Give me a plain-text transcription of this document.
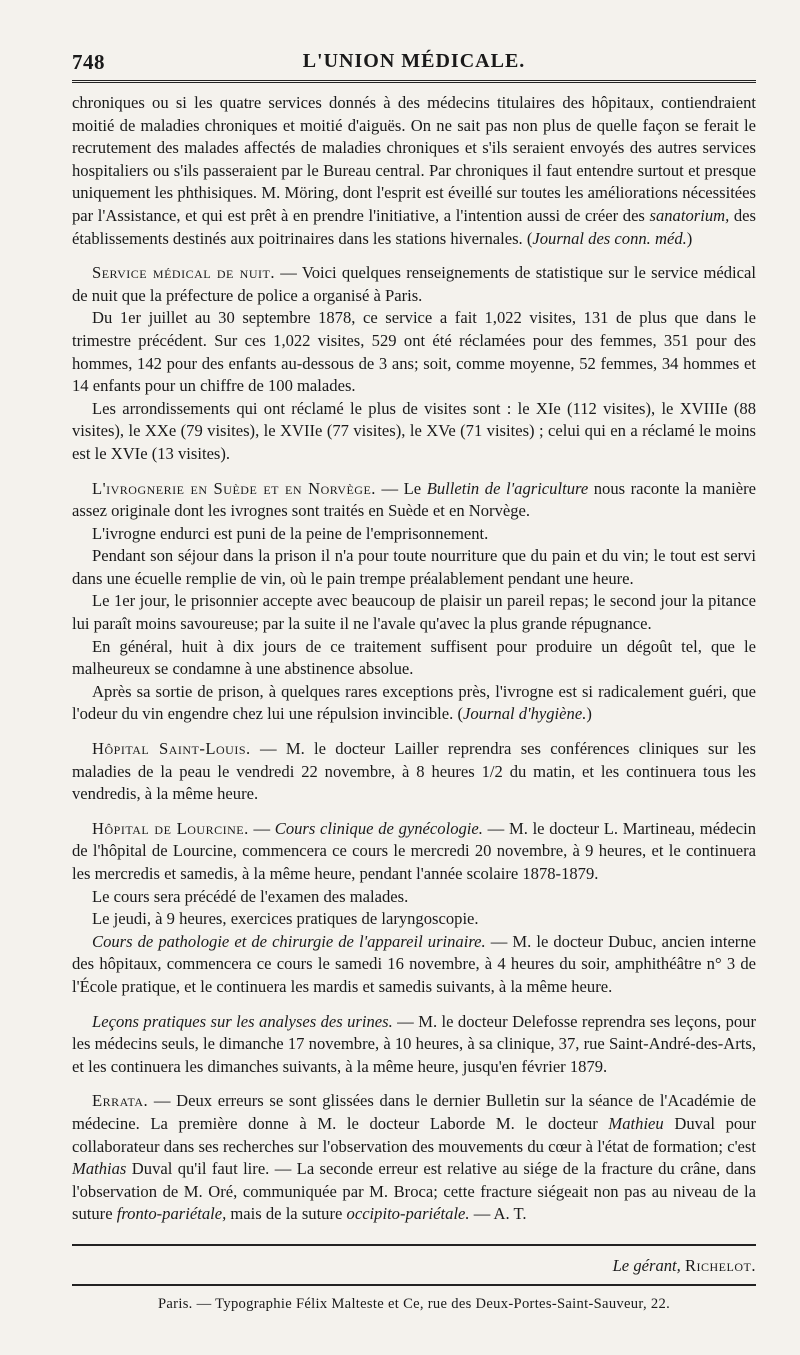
748	L'UNION MÉDICALE.

chroniques ou si les quatre services donnés à des médecins titulaires des hôpitaux, contiendraient moitié de maladies chroniques et moitié d'aiguës. On ne sait pas non plus de quelle façon se ferait le recrutement des malades affectés de maladies chroniques et s'ils seraient envoyés des autres services hospitaliers ou s'ils passeraient par le Bureau central. Par chroniques il faut entendre surtout et presque uniquement les phthisiques. M. Möring, dont l'esprit est éveillé sur toutes les améliorations nécessitées par l'Assistance, et qui est prêt à en prendre l'initiative, a l'intention aussi de créer des sanatorium, des établissements destinés aux poitrinaires dans les stations hivernales. (Journal des conn. méd.)

Service médical de nuit. — Voici quelques renseignements de statistique sur le service médical de nuit que la préfecture de police a organisé à Paris.

Du 1er juillet au 30 septembre 1878, ce service a fait 1,022 visites, 131 de plus que dans le trimestre précédent. Sur ces 1,022 visites, 529 ont été réclamées pour des femmes, 351 pour des hommes, 142 pour des enfants au-dessous de 3 ans; soit, comme moyenne, 52 femmes, 34 hommes et 14 enfants pour un chiffre de 100 malades.

Les arrondissements qui ont réclamé le plus de visites sont : le XIe (112 visites), le XVIIIe (88 visites), le XXe (79 visites), le XVIIe (77 visites), le XVe (71 visites) ; celui qui en a réclamé le moins est le XVIe (13 visites).

L'ivrognerie en Suède et en Norvège. — Le Bulletin de l'agriculture nous raconte la manière assez originale dont les ivrognes sont traités en Suède et en Norvège.

L'ivrogne endurci est puni de la peine de l'emprisonnement.

Pendant son séjour dans la prison il n'a pour toute nourriture que du pain et du vin; le tout est servi dans une écuelle remplie de vin, où le pain trempe préalablement pendant une heure.

Le 1er jour, le prisonnier accepte avec beaucoup de plaisir un pareil repas; le second jour la pitance lui paraît moins savoureuse; par la suite il ne l'avale qu'avec la plus grande répugnance.

En général, huit à dix jours de ce traitement suffisent pour produire un dégoût tel, que le malheureux se condamne à une abstinence absolue.

Après sa sortie de prison, à quelques rares exceptions près, l'ivrogne est si radicalement guéri, que l'odeur du vin engendre chez lui une répulsion invincible. (Journal d'hygiène.)

Hôpital Saint-Louis. — M. le docteur Lailler reprendra ses conférences cliniques sur les maladies de la peau le vendredi 22 novembre, à 8 heures 1/2 du matin, et les continuera tous les vendredis, à la même heure.

Hôpital de Lourcine. — Cours clinique de gynécologie. — M. le docteur L. Martineau, médecin de l'hôpital de Lourcine, commencera ce cours le mercredi 20 novembre, à 9 heures, et le continuera les mercredis et samedis, à la même heure, pendant l'année scolaire 1878-1879.

Le cours sera précédé de l'examen des malades.

Le jeudi, à 9 heures, exercices pratiques de laryngoscopie.

Cours de pathologie et de chirurgie de l'appareil urinaire. — M. le docteur Dubuc, ancien interne des hôpitaux, commencera ce cours le samedi 16 novembre, à 4 heures du soir, amphithéâtre n° 3 de l'École pratique, et le continuera les mardis et samedis suivants, à la même heure.

Leçons pratiques sur les analyses des urines. — M. le docteur Delefosse reprendra ses leçons, pour les médecins seuls, le dimanche 17 novembre, à 10 heures, à sa clinique, 37, rue Saint-André-des-Arts, et les continuera les dimanches suivants, à la même heure, jusqu'en février 1879.

Errata. — Deux erreurs se sont glissées dans le dernier Bulletin sur la séance de l'Académie de médecine. La première donne à M. le docteur Laborde M. le docteur Mathieu Duval pour collaborateur dans ses recherches sur l'observation des mouvements du cœur à l'état de formation; c'est Mathias Duval qu'il faut lire. — La seconde erreur est relative au siége de la fracture du crâne, dans l'observation de M. Oré, communiquée par M. Broca; cette fracture siégeait non pas au niveau de la suture fronto-pariétale, mais de la suture occipito-pariétale. — A. T.

Le gérant, Richelot.
Paris. — Typographie Félix Malteste et Ce, rue des Deux-Portes-Saint-Sauveur, 22.
